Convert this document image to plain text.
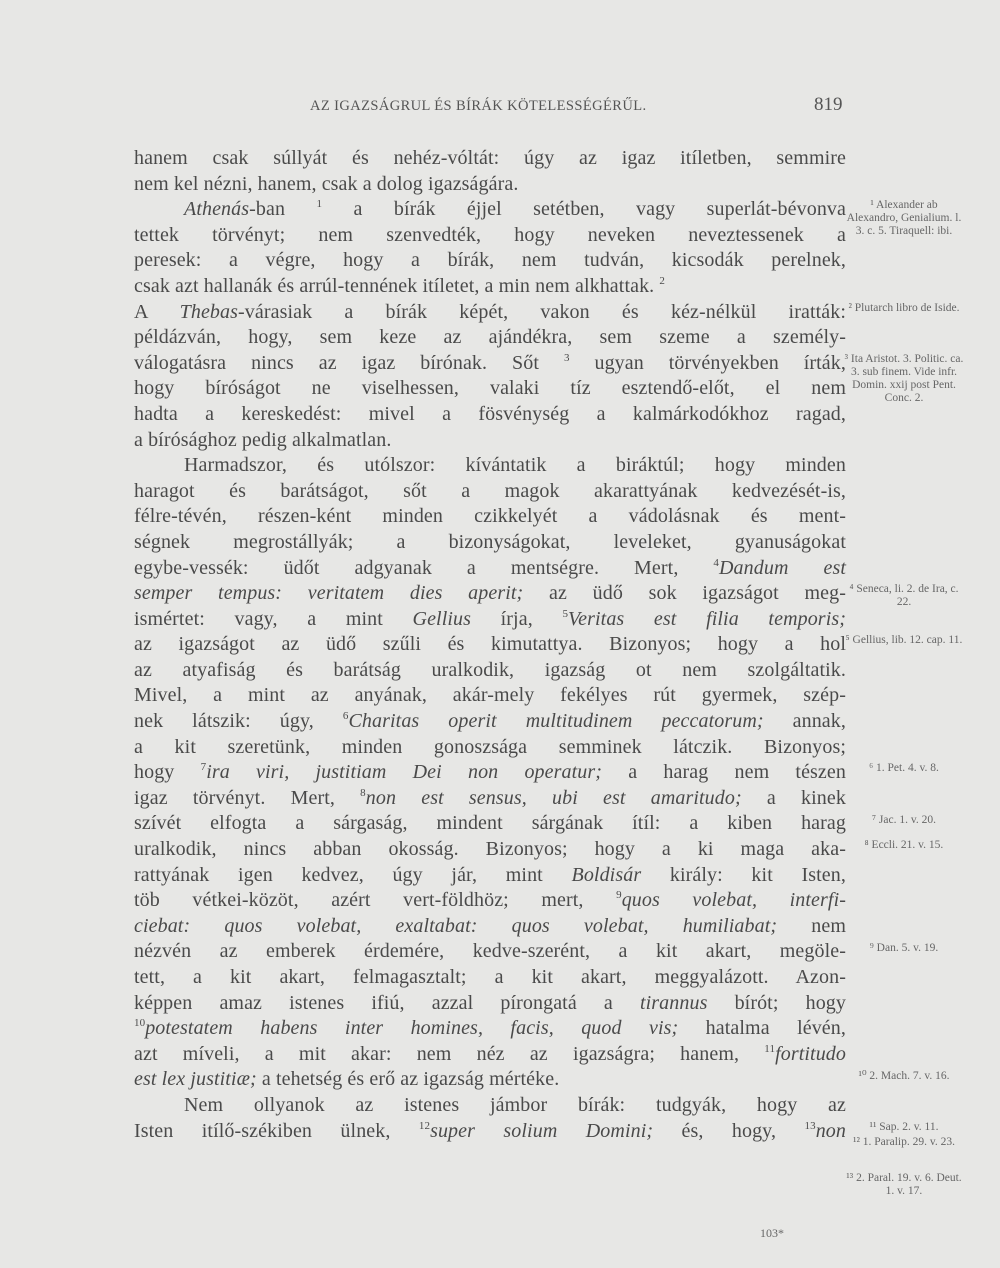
AZ IGAZSÁGRUL ÉS BÍRÁK KÖTELESSÉGÉRŰL.	819
hanem csak súllyát és nehéz-vóltát: úgy az igaz itíletben, semmire
nem kel nézni, hanem, csak a dolog igazságára.
Athenás-ban $^1$ a bírák éjjel setétben, vagy superlát-bévonva
tettek törvényt; nem szenvedték, hogy neveken neveztessenek a
peresek: a végre, hogy a bírák, nem tudván, kicsodák perelnek,
csak azt hallanák és arrúl-tennének itíletet, a min nem alkhattak. $^2$
A Thebas-várasiak a bírák képét, vakon és kéz-nélkül iratták:
példázván, hogy, sem keze az ajándékra, sem szeme a személy-
válogatásra nincs az igaz bírónak. Sőt $^3$ ugyan törvényekben írták,
hogy bíróságot ne viselhessen, valaki tíz esztendő-előt, el nem
hadta a kereskedést: mivel a fösvénység a kalmárkodókhoz ragad,
a bírósághoz pedig alkalmatlan.
Harmadszor, és utólszor: kívántatik a biráktúl; hogy minden
haragot és barátságot, sőt a magok akarattyának kedvezését-is,
félre-tévén, részen-ként minden czikkelyét a vádolásnak és ment-
ségnek megrostállyák; a bizonyságokat, leveleket, gyanuságokat
egybe-vessék: üdőt adgyanak a mentségre. Mert, $^4$Dandum est
semper tempus: veritatem dies aperit; az üdő sok igazságot meg-
ismértet: vagy, a mint Gellius írja, $^5$Veritas est filia temporis;
az igazságot az üdő szűli és kimutattya. Bizonyos; hogy a hol
az atyafiság és barátság uralkodik, igazság ot nem szolgáltatik.
Mivel, a mint az anyának, akár-mely fekélyes rút gyermek, szép-
nek látszik: úgy, $^6$Charitas operit multitudinem peccatorum; annak,
a kit szeretünk, minden gonoszsága semminek látczik. Bizonyos;
hogy $^7$ira viri, justitiam Dei non operatur; a harag nem tészen
igaz törvényt. Mert, $^8$non est sensus, ubi est amaritudo; a kinek
szívét elfogta a sárgaság, mindent sárgának ítíl: a kiben harag
uralkodik, nincs abban okosság. Bizonyos; hogy a ki maga aka-
rattyának igen kedvez, úgy jár, mint Boldisár király: kit Isten,
töb vétkei-közöt, azért vert-földhöz; mert, $^9$quos volebat, interfi-
ciebat: quos volebat, exaltabat: quos volebat, humiliabat; nem
nézvén az emberek érdemére, kedve-szerént, a kit akart, megöle-
tett, a kit akart, felmagasztalt; a kit akart, meggyalázott. Azon-
képpen amaz istenes ifiú, azzal pírongatá a tirannus bírót; hogy
$^{10}$potestatem habens inter homines, facis, quod vis; hatalma lévén,
azt míveli, a mit akar: nem néz az igazságra; hanem, $^{11}$fortitudo
est lex justitiæ; a tehetség és erő az igazság mértéke.
Nem ollyanok az istenes jámbor bírák: tudgyák, hogy az
Isten itílő-székiben ülnek, $^{12}$super solium Domini; és, hogy, $^{13}$non
¹ Alexander ab Alexandro, Genialium. l. 3. c. 5. Tiraquell: ibi.
² Plutarch libro de Iside.
³ Ita Aristot. 3. Politic. ca. 3. sub finem. Vide infr. Domin. xxij post Pent. Conc. 2.
⁴ Seneca, li. 2. de Ira, c. 22.
⁵ Gellius, lib. 12. cap. 11.
⁶ 1. Pet. 4. v. 8.
⁷ Jac. 1. v. 20.
⁸ Eccli. 21. v. 15.
⁹ Dan. 5. v. 19.
¹⁰ 2. Mach. 7. v. 16.
¹¹ Sap. 2. v. 11.
¹² 1. Paralip. 29. v. 23.
¹³ 2. Paral. 19. v. 6. Deut. 1. v. 17.
103*
